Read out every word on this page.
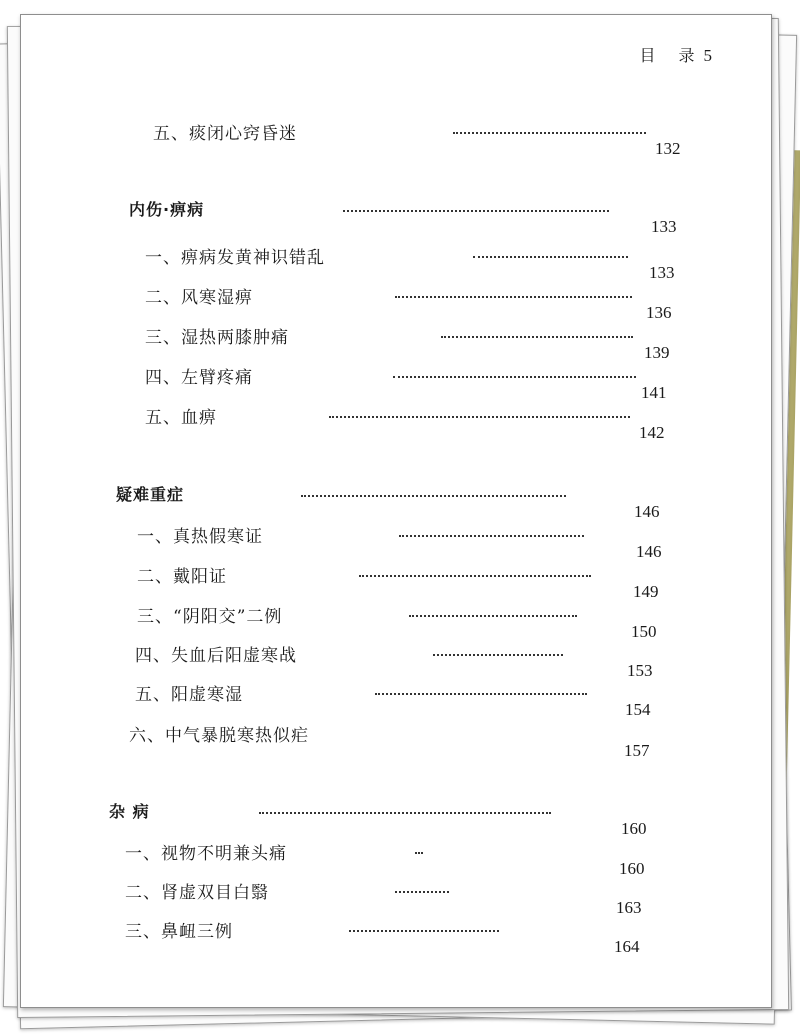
目 录 5
五、痰闭心窍昏迷
132
内伤·痹病
133
一、痹病发黄神识错乱
133
二、风寒湿痹
136
三、湿热两膝肿痛
139
四、左臂疼痛
141
五、血痹
142
疑难重症
146
一、真热假寒证
146
二、戴阳证
149
三、“阴阳交”二例
150
四、失血后阳虚寒战
153
五、阳虚寒湿
154
六、中气暴脱寒热似疟
157
杂 病
160
一、视物不明兼头痛
160
二、肾虚双目白翳
163
三、鼻衄三例
164
